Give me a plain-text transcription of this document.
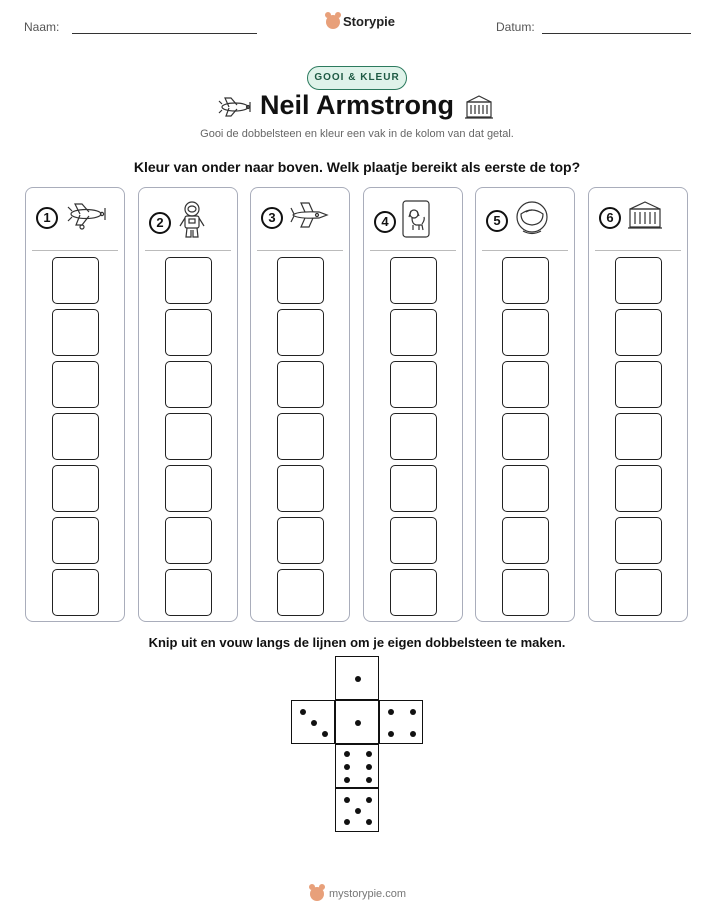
Naam:	Storypie	Datum:
GOOI & KLEUR
Neil Armstrong
Gooi de dobbelsteen en kleur een vak in de kolom van dat getal.
Kleur van onder naar boven. Welk plaatje bereikt als eerste de top?
1	2	3	4	5	6
Knip uit en vouw langs de lijnen om je eigen dobbelsteen te maken.
mystorypie.com
